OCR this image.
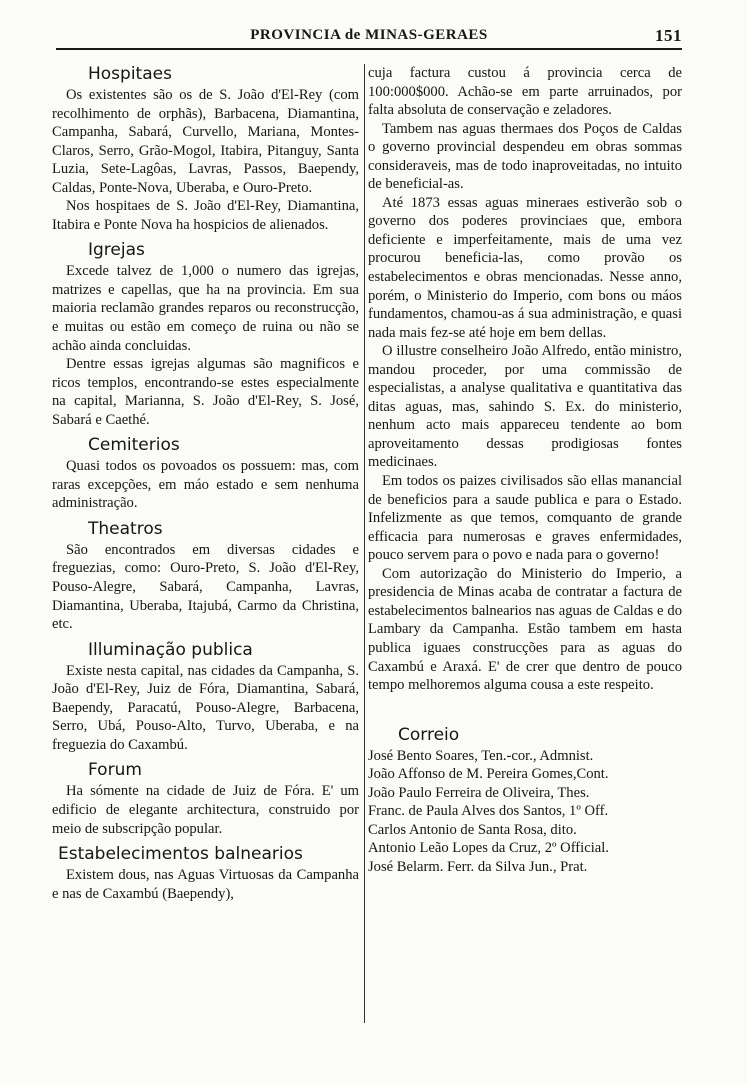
PROVINCIA de MINAS-GERAES	151
Hospitaes

Os existentes são os de S. João d'El-Rey (com recolhimento de orphãs), Barbacena, Diamantina, Campanha, Sabará, Curvello, Mariana, Montes-Claros, Serro, Grão-Mogol, Itabira, Pitanguy, Santa Luzia, Sete-Lagôas, Lavras, Passos, Baependy, Caldas, Ponte-Nova, Uberaba, e Ouro-Preto.

Nos hospitaes de S. João d'El-Rey, Diamantina, Itabira e Ponte Nova ha hospicios de alienados.

Igrejas

Excede talvez de 1,000 o numero das igrejas, matrizes e capellas, que ha na provincia. Em sua maioria reclamão grandes reparos ou reconstrucção, e muitas ou estão em começo de ruina ou não se achão ainda concluidas.

Dentre essas igrejas algumas são magnificos e ricos templos, encontrando-se estes especialmente na capital, Marianna, S. João d'El-Rey, S. José, Sabará e Caethé.

Cemiterios

Quasi todos os povoados os possuem: mas, com raras excepções, em máo estado e sem nenhuma administração.

Theatros

São encontrados em diversas cidades e freguezias, como: Ouro-Preto, S. João d'El-Rey, Pouso-Alegre, Sabará, Campanha, Lavras, Diamantina, Uberaba, Itajubá, Carmo da Christina, etc.

Illuminação publica

Existe nesta capital, nas cidades da Campanha, S. João d'El-Rey, Juiz de Fóra, Diamantina, Sabará, Baependy, Paracatú, Pouso-Alegre, Barbacena, Serro, Ubá, Pouso-Alto, Turvo, Uberaba, e na freguezia do Caxambú.

Forum

Ha sómente na cidade de Juiz de Fóra. E' um edificio de elegante architectura, construido por meio de subscripção popular.

Estabelecimentos balnearios

Existem dous, nas Aguas Virtuosas da Campanha e nas de Caxambú (Baependy),

cuja factura custou á provincia cerca de 100:000$000. Achão-se em parte arruinados, por falta absoluta de conservação e zeladores.

Tambem nas aguas thermaes dos Poços de Caldas o governo provincial despendeu em obras sommas consideraveis, mas de todo inaproveitadas, no intuito de beneficial-as.

Até 1873 essas aguas mineraes estiverão sob o governo dos poderes provinciaes que, embora deficiente e imperfeitamente, mais de uma vez procurou beneficia-las, como provão os estabelecimentos e obras mencionadas. Nesse anno, porém, o Ministerio do Imperio, com bons ou máos fundamentos, chamou-as á sua administração, e quasi nada mais fez-se até hoje em bem dellas.

O illustre conselheiro João Alfredo, então ministro, mandou proceder, por uma commissão de especialistas, a analyse qualitativa e quantitativa das ditas aguas, mas, sahindo S. Ex. do ministerio, nenhum acto mais appareceu tendente ao bom aproveitamento dessas prodigiosas fontes medicinaes.

Em todos os paizes civilisados são ellas manancial de beneficios para a saude publica e para o Estado. Infelizmente as que temos, comquanto de grande efficacia para numerosas e graves enfermidades, pouco servem para o povo e nada para o governo!

Com autorização do Ministerio do Imperio, a presidencia de Minas acaba de contratar a factura de estabelecimentos balnearios nas aguas de Caldas e do Lambary da Campanha. Estão tambem em hasta publica iguaes construcções para as aguas do Caxambú e Araxá. E' de crer que dentro de pouco tempo melhoremos alguma cousa a este respeito.

Correio

José Bento Soares, Ten.-cor., Admnist.

João Affonso de M. Pereira Gomes,Cont.

João Paulo Ferreira de Oliveira, Thes.

Franc. de Paula Alves dos Santos, 1º Off.

Carlos Antonio de Santa Rosa, dito.

Antonio Leão Lopes da Cruz, 2º Official.

José Belarm. Ferr. da Silva Jun., Prat.
